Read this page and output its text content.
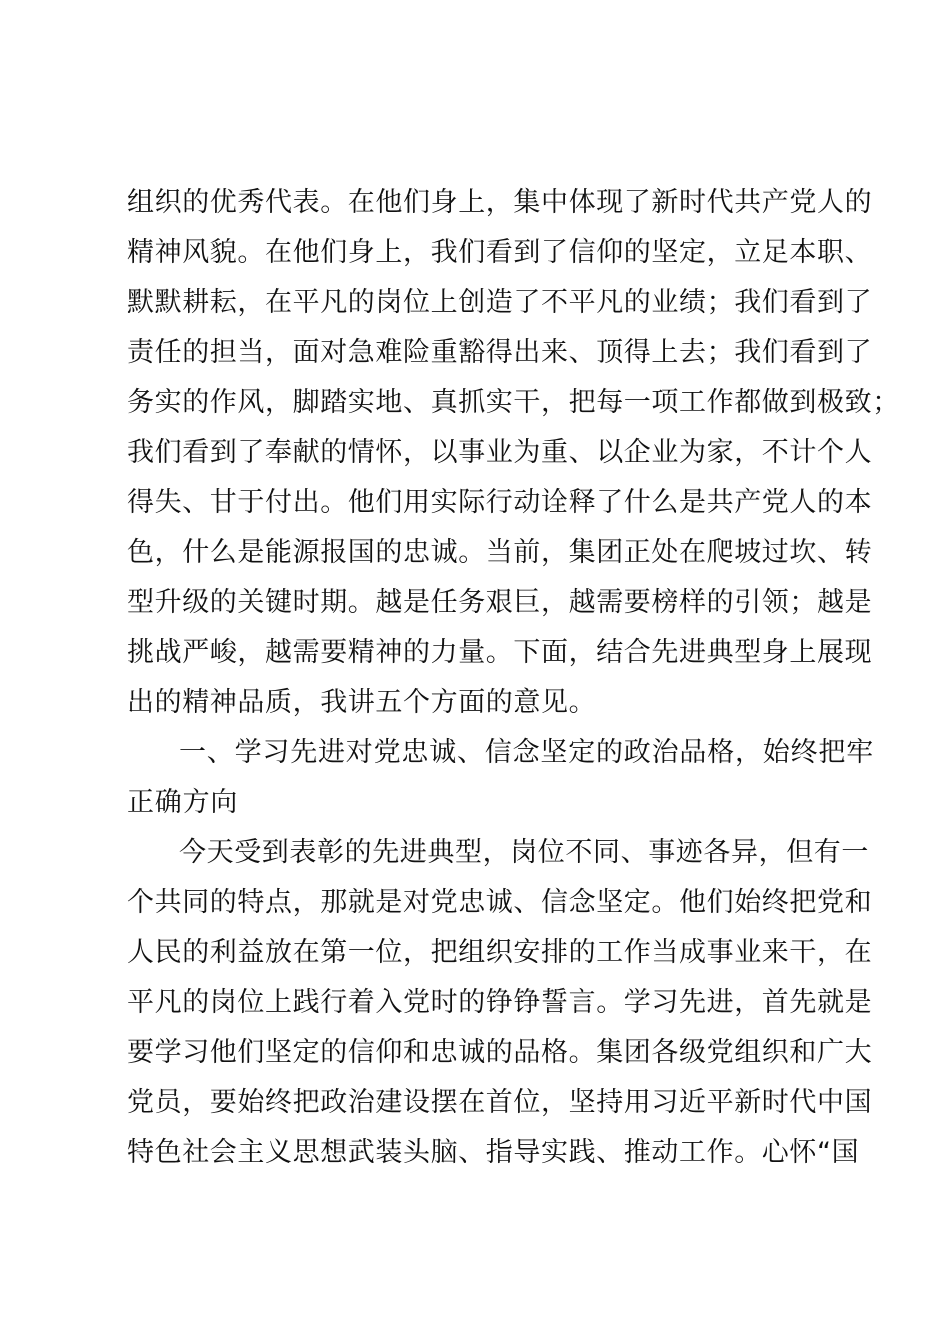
组织的优秀代表。在他们身上，集中体现了新时代共产党人的
精神风貌。在他们身上，我们看到了信仰的坚定，立足本职、
默默耕耘，在平凡的岗位上创造了不平凡的业绩；我们看到了
责任的担当，面对急难险重豁得出来、顶得上去；我们看到了
务实的作风，脚踏实地、真抓实干，把每一项工作都做到极致；
我们看到了奉献的情怀，以事业为重、以企业为家，不计个人
得失、甘于付出。他们用实际行动诠释了什么是共产党人的本
色，什么是能源报国的忠诚。当前，集团正处在爬坡过坎、转
型升级的关键时期。越是任务艰巨，越需要榜样的引领；越是
挑战严峻，越需要精神的力量。下面，结合先进典型身上展现
出的精神品质，我讲五个方面的意见。
一、学习先进对党忠诚、信念坚定的政治品格，始终把牢
正确方向
今天受到表彰的先进典型，岗位不同、事迹各异，但有一
个共同的特点，那就是对党忠诚、信念坚定。他们始终把党和
人民的利益放在第一位，把组织安排的工作当成事业来干，在
平凡的岗位上践行着入党时的铮铮誓言。学习先进，首先就是
要学习他们坚定的信仰和忠诚的品格。集团各级党组织和广大
党员，要始终把政治建设摆在首位，坚持用习近平新时代中国
特色社会主义思想武装头脑、指导实践、推动工作。心怀“国
